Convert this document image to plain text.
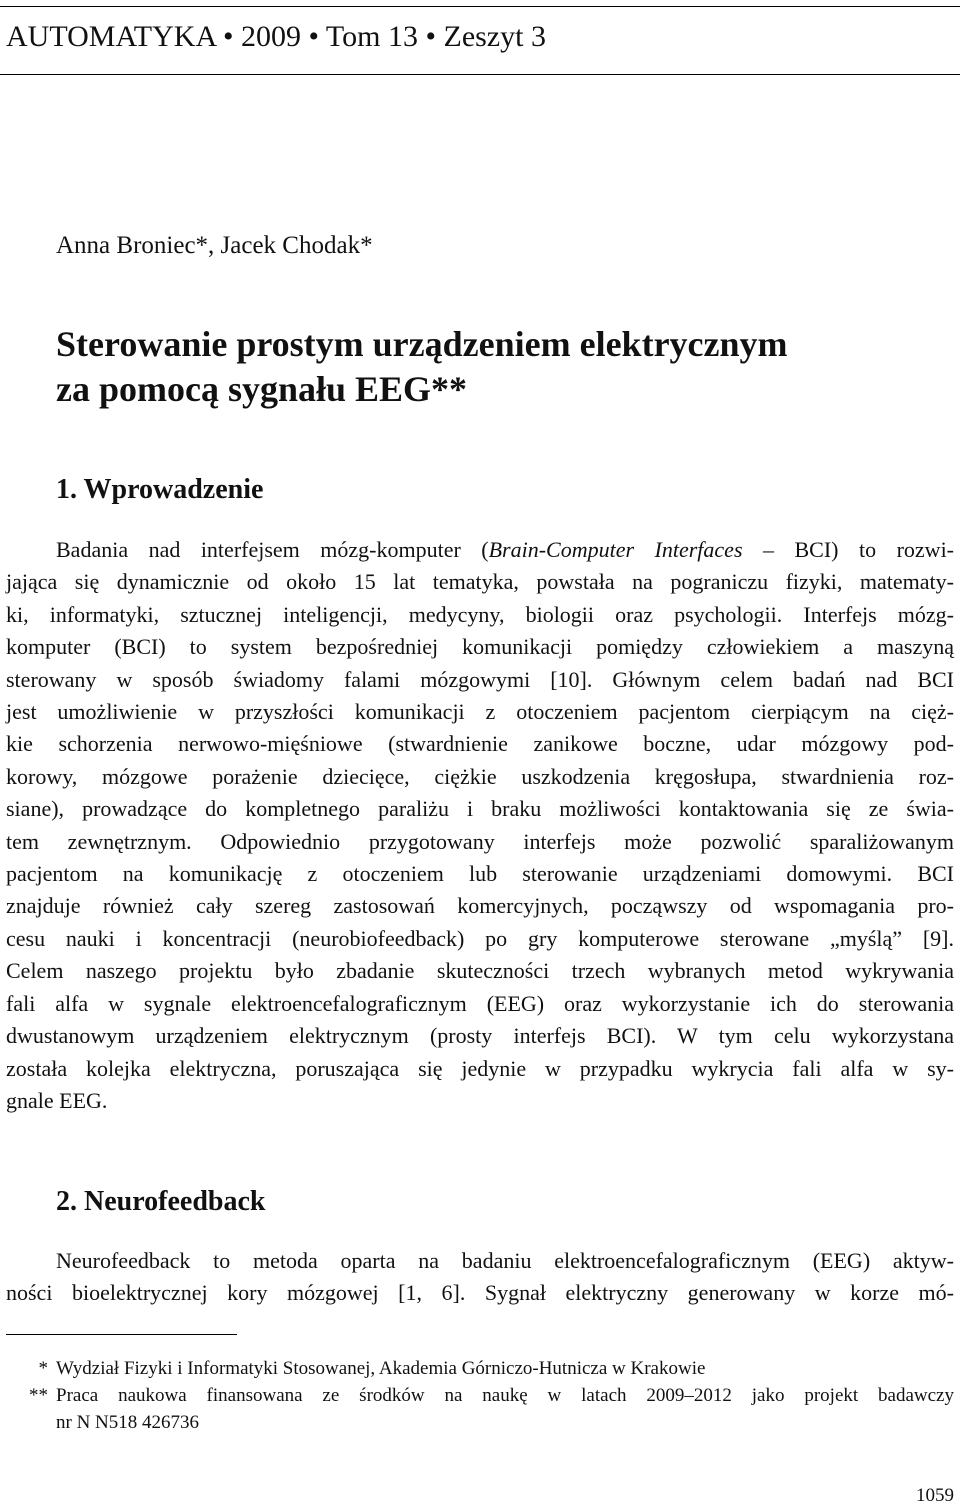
AUTOMATYKA • 2009 • Tom 13 • Zeszyt 3
Anna Broniec*, Jacek Chodak*
Sterowanie prostym urządzeniem elektrycznym
za pomocą sygnału EEG**
1. Wprowadzenie
Badania nad interfejsem mózg-komputer (Brain-Computer Interfaces – BCI) to rozwi-
jająca się dynamicznie od około 15 lat tematyka, powstała na pograniczu fizyki, matematy-
ki, informatyki, sztucznej inteligencji, medycyny, biologii oraz psychologii. Interfejs mózg-
komputer (BCI) to system bezpośredniej komunikacji pomiędzy człowiekiem a maszyną
sterowany w sposób świadomy falami mózgowymi [10]. Głównym celem badań nad BCI
jest umożliwienie w przyszłości komunikacji z otoczeniem pacjentom cierpiącym na cięż-
kie schorzenia nerwowo-mięśniowe (stwardnienie zanikowe boczne, udar mózgowy pod-
korowy, mózgowe porażenie dziecięce, ciężkie uszkodzenia kręgosłupa, stwardnienia roz-
siane), prowadzące do kompletnego paraliżu i braku możliwości kontaktowania się ze świa-
tem zewnętrznym. Odpowiednio przygotowany interfejs może pozwolić sparaliżowanym
pacjentom na komunikację z otoczeniem lub sterowanie urządzeniami domowymi. BCI
znajduje również cały szereg zastosowań komercyjnych, począwszy od wspomagania pro-
cesu nauki i koncentracji (neurobiofeedback) po gry komputerowe sterowane „myślą” [9].
Celem naszego projektu było zbadanie skuteczności trzech wybranych metod wykrywania
fali alfa w sygnale elektroencefalograficznym (EEG) oraz wykorzystanie ich do sterowania
dwustanowym urządzeniem elektrycznym (prosty interfejs BCI). W tym celu wykorzystana
została kolejka elektryczna, poruszająca się jedynie w przypadku wykrycia fali alfa w sy-
gnale EEG.
2. Neurofeedback
Neurofeedback to metoda oparta na badaniu elektroencefalograficznym (EEG) aktyw-
ności bioelektrycznej kory mózgowej [1, 6]. Sygnał elektryczny generowany w korze mó-
* Wydział Fizyki i Informatyki Stosowanej, Akademia Górniczo-Hutnicza w Krakowie
** Praca naukowa finansowana ze środków na naukę w latach 2009–2012 jako projekt badawczy
nr N N518 426736
1059
